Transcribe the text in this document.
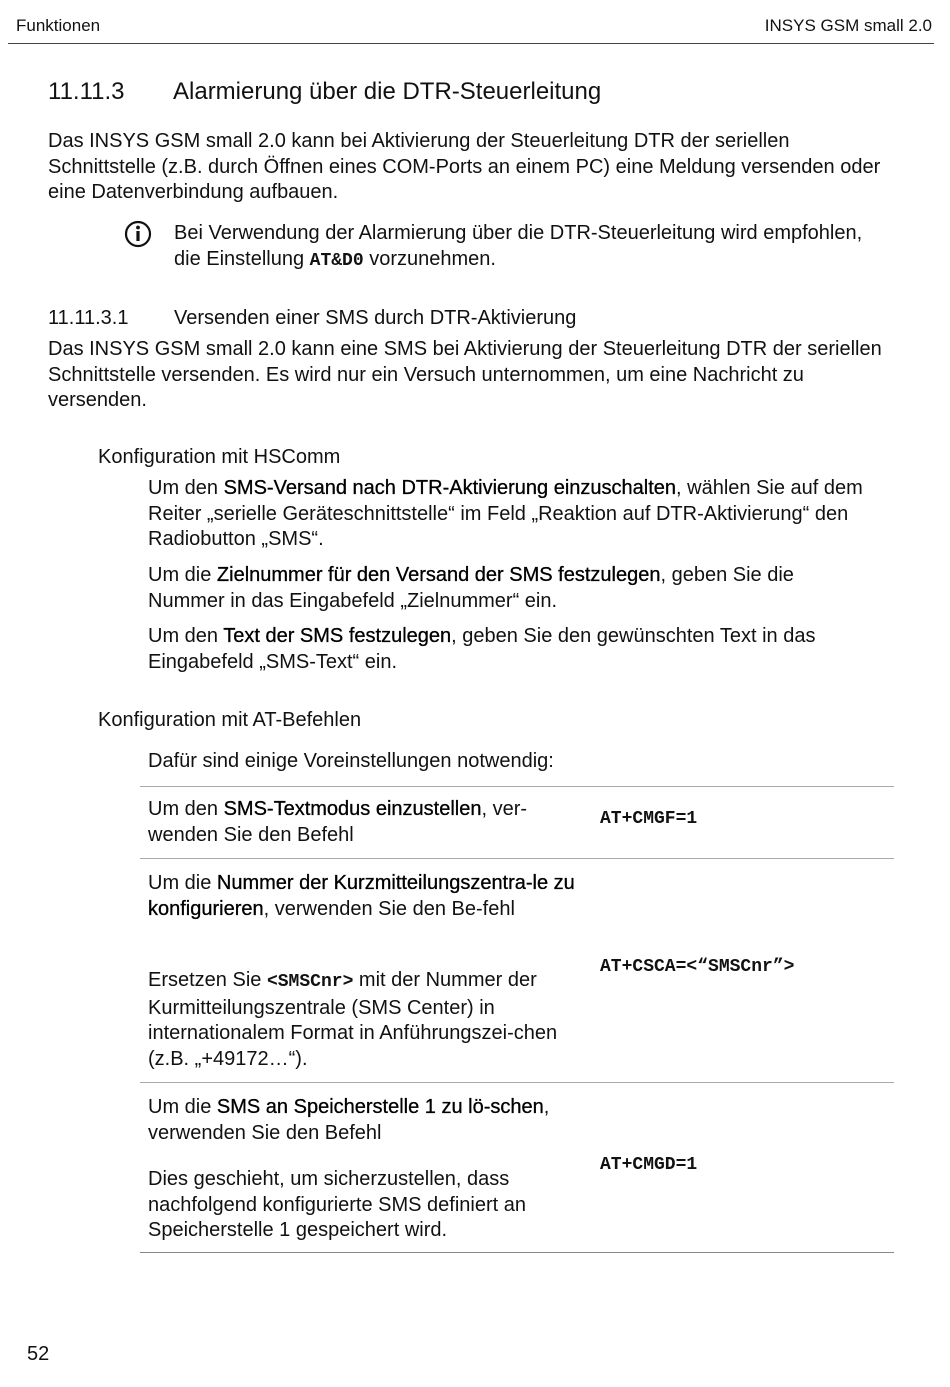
Funktionen	INSYS GSM small 2.0
11.11.3 Alarmierung über die DTR-Steuerleitung
Das INSYS GSM small 2.0 kann bei Aktivierung der Steuerleitung DTR der seriellen Schnittstelle (z.B. durch Öffnen eines COM-Ports an einem PC) eine Meldung versenden oder eine Datenverbindung aufbauen.
Bei Verwendung der Alarmierung über die DTR-Steuerleitung wird empfohlen, die Einstellung AT&D0 vorzunehmen.
11.11.3.1 Versenden einer SMS durch DTR-Aktivierung
Das INSYS GSM small 2.0 kann eine SMS bei Aktivierung der Steuerleitung DTR der seriellen Schnittstelle versenden. Es wird nur ein Versuch unternommen, um eine Nachricht zu versenden.
Konfiguration mit HSComm
Um den SMS-Versand nach DTR-Aktivierung einzuschalten, wählen Sie auf dem Reiter „serielle Geräteschnittstelle“ im Feld „Reaktion auf DTR-Aktivierung“ den Radiobutton „SMS“.
Um die Zielnummer für den Versand der SMS festzulegen, geben Sie die Nummer in das Eingabefeld „Zielnummer“ ein.
Um den Text der SMS festzulegen, geben Sie den gewünschten Text in das Eingabefeld „SMS-Text“ ein.
Konfiguration mit AT-Befehlen
Dafür sind einige Voreinstellungen notwendig:
Um den SMS-Textmodus einzustellen, ver-wenden Sie den Befehl
AT+CMGF=1
Um die Nummer der Kurzmitteilungszentra-le zu konfigurieren, verwenden Sie den Be-fehl
Ersetzen Sie <SMSCnr> mit der Nummer der Kurmitteilungszentrale (SMS Center) in internationalem Format in Anführungszei-chen (z.B. „+49172…“).
AT+CSCA=<“SMSCnr”>
Um die SMS an Speicherstelle 1 zu lö-schen, verwenden Sie den Befehl
Dies geschieht, um sicherzustellen, dass nachfolgend konfigurierte SMS definiert an Speicherstelle 1 gespeichert wird.
AT+CMGD=1
52
